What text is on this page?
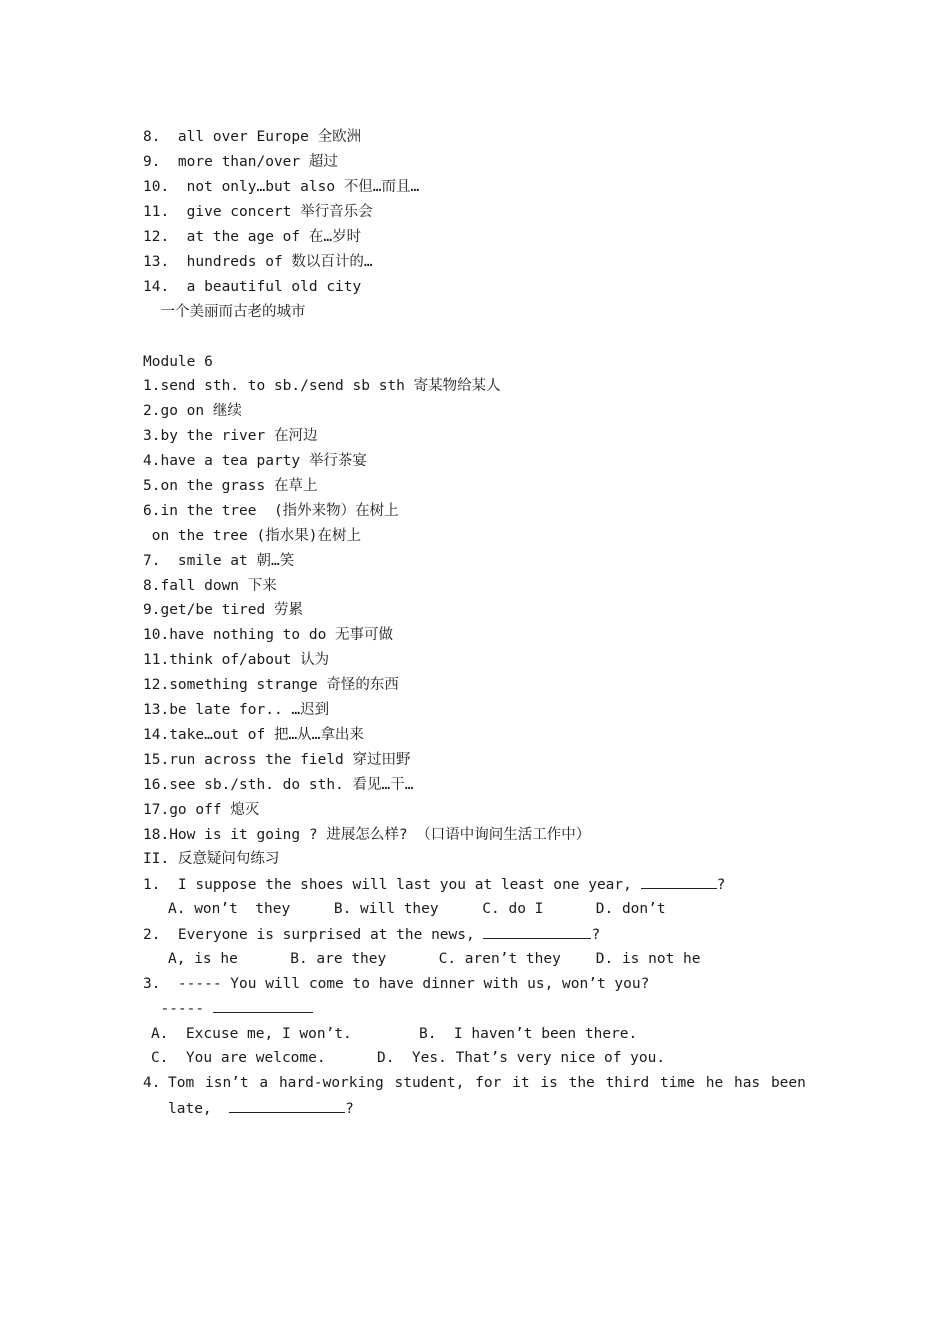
8.  all over Europe 全欧洲
9.  more than/over 超过
10.  not only…but also 不但…而且…
11.  give concert 举行音乐会
12.  at the age of 在…岁时
13.  hundreds of 数以百计的…
14.  a beautiful old city
一个美丽而古老的城市
Module 6
1.send sth. to sb./send sb sth 寄某物给某人
2.go on 继续
3.by the river 在河边
4.have a tea party 举行茶宴
5.on the grass 在草上
6.in the tree  (指外来物）在树上
on the tree (指水果)在树上
7.  smile at 朝…笑
8.fall down 下来
9.get/be tired 劳累
10.have nothing to do 无事可做
11.think of/about 认为
12.something strange 奇怪的东西
13.be late for.. …迟到
14.take…out of 把…从…拿出来
15.run across the field 穿过田野
16.see sb./sth. do sth. 看见…干…
17.go off 熄灭
18.How is it going ? 进展怎么样? （口语中询问生活工作中）
II. 反意疑问句练习
1.  I suppose the shoes will last you at least one year,	?
A. won’t  they     B. will they     C. do I      D. don’t
2.  Everyone is surprised at the news,	?
A, is he      B. are they      C. aren’t they    D. is not he
3.  ----- You will come to have dinner with us, won’t you?
-----
A.  Excuse me, I won’t.	B.  I haven’t been there.
C.  You are welcome.	D.  Yes. That’s very nice of you.
4. Tom isn’t a hard-working student, for it is the third time he has been
late,	?
